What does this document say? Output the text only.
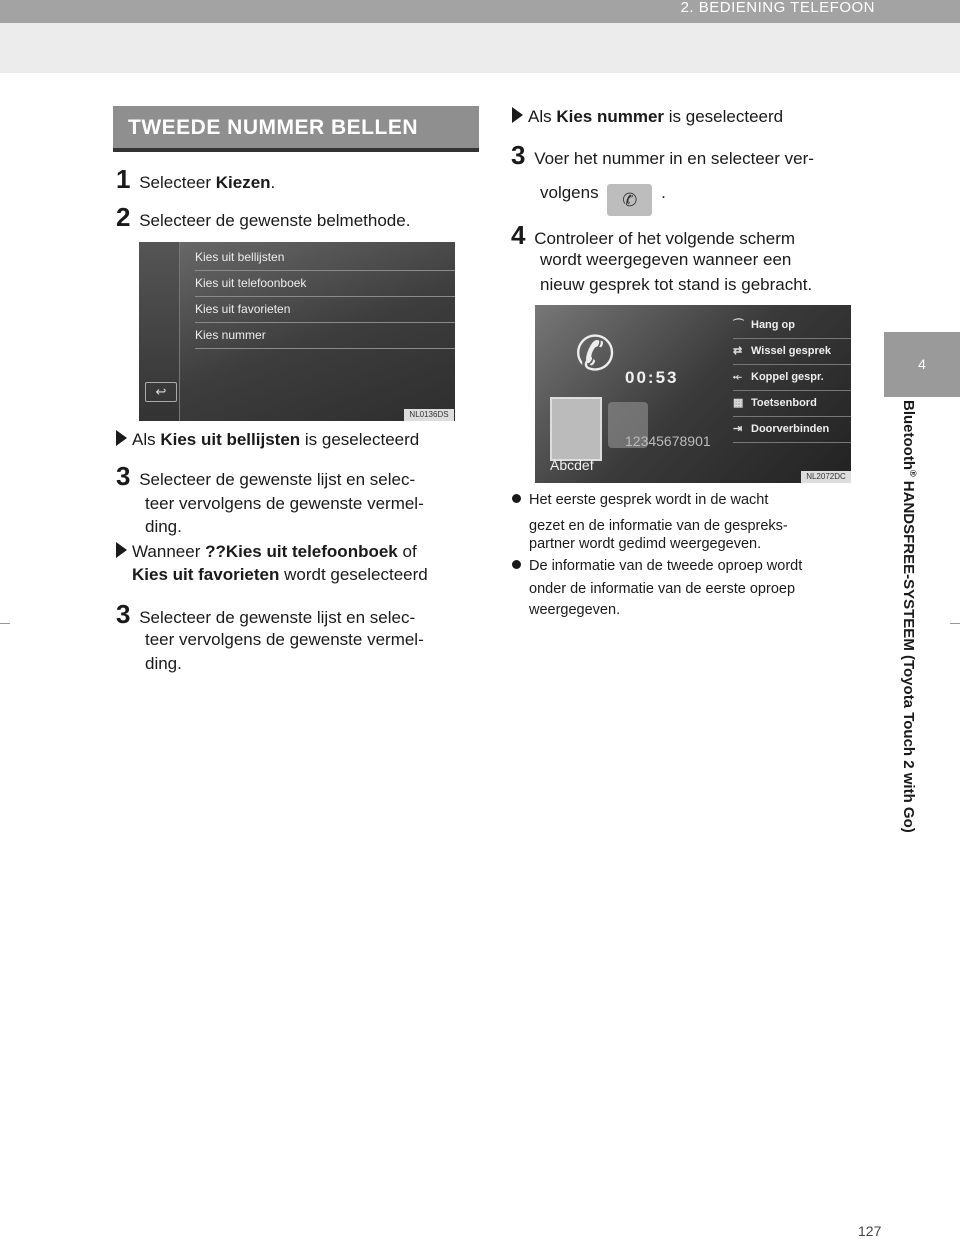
2. BEDIENING TELEFOON
4
Bluetooth® HANDSFREE-SYSTEEM (Toyota Touch 2 with Go)
TWEEDE NUMMER BELLEN
1 Selecteer Kiezen.
2 Selecteer de gewenste belmethode.
Kies uit bellijsten
Kies uit telefoonboek
Kies uit favorieten
Kies nummer
↩
NL0136DS
Als Kies uit bellijsten is geselecteerd
3 Selecteer de gewenste lijst en selec-
teer vervolgens de gewenste vermel-
ding.
Wanneer ??Kies uit telefoonboek of
Kies uit favorieten wordt geselecteerd
3 Selecteer de gewenste lijst en selec-
teer vervolgens de gewenste vermel-
ding.
Als Kies nummer is geselecteerd
3 Voer het nummer in en selecteer ver-
volgens ✆ .
4 Controleer of het volgende scherm
wordt weergegeven wanneer een
nieuw gesprek tot stand is gebracht.
✆ 00:53
12345678901
Abcdef
⌒ Hang op
⇄ Wissel gesprek
⤝ Koppel gespr.
▦ Toetsenbord
⇥ Doorverbinden
NL2072DC
Het eerste gesprek wordt in de wacht
gezet en de informatie van de gespreks-
partner wordt gedimd weergegeven.
De informatie van de tweede oproep wordt
onder de informatie van de eerste oproep
weergegeven.
127
